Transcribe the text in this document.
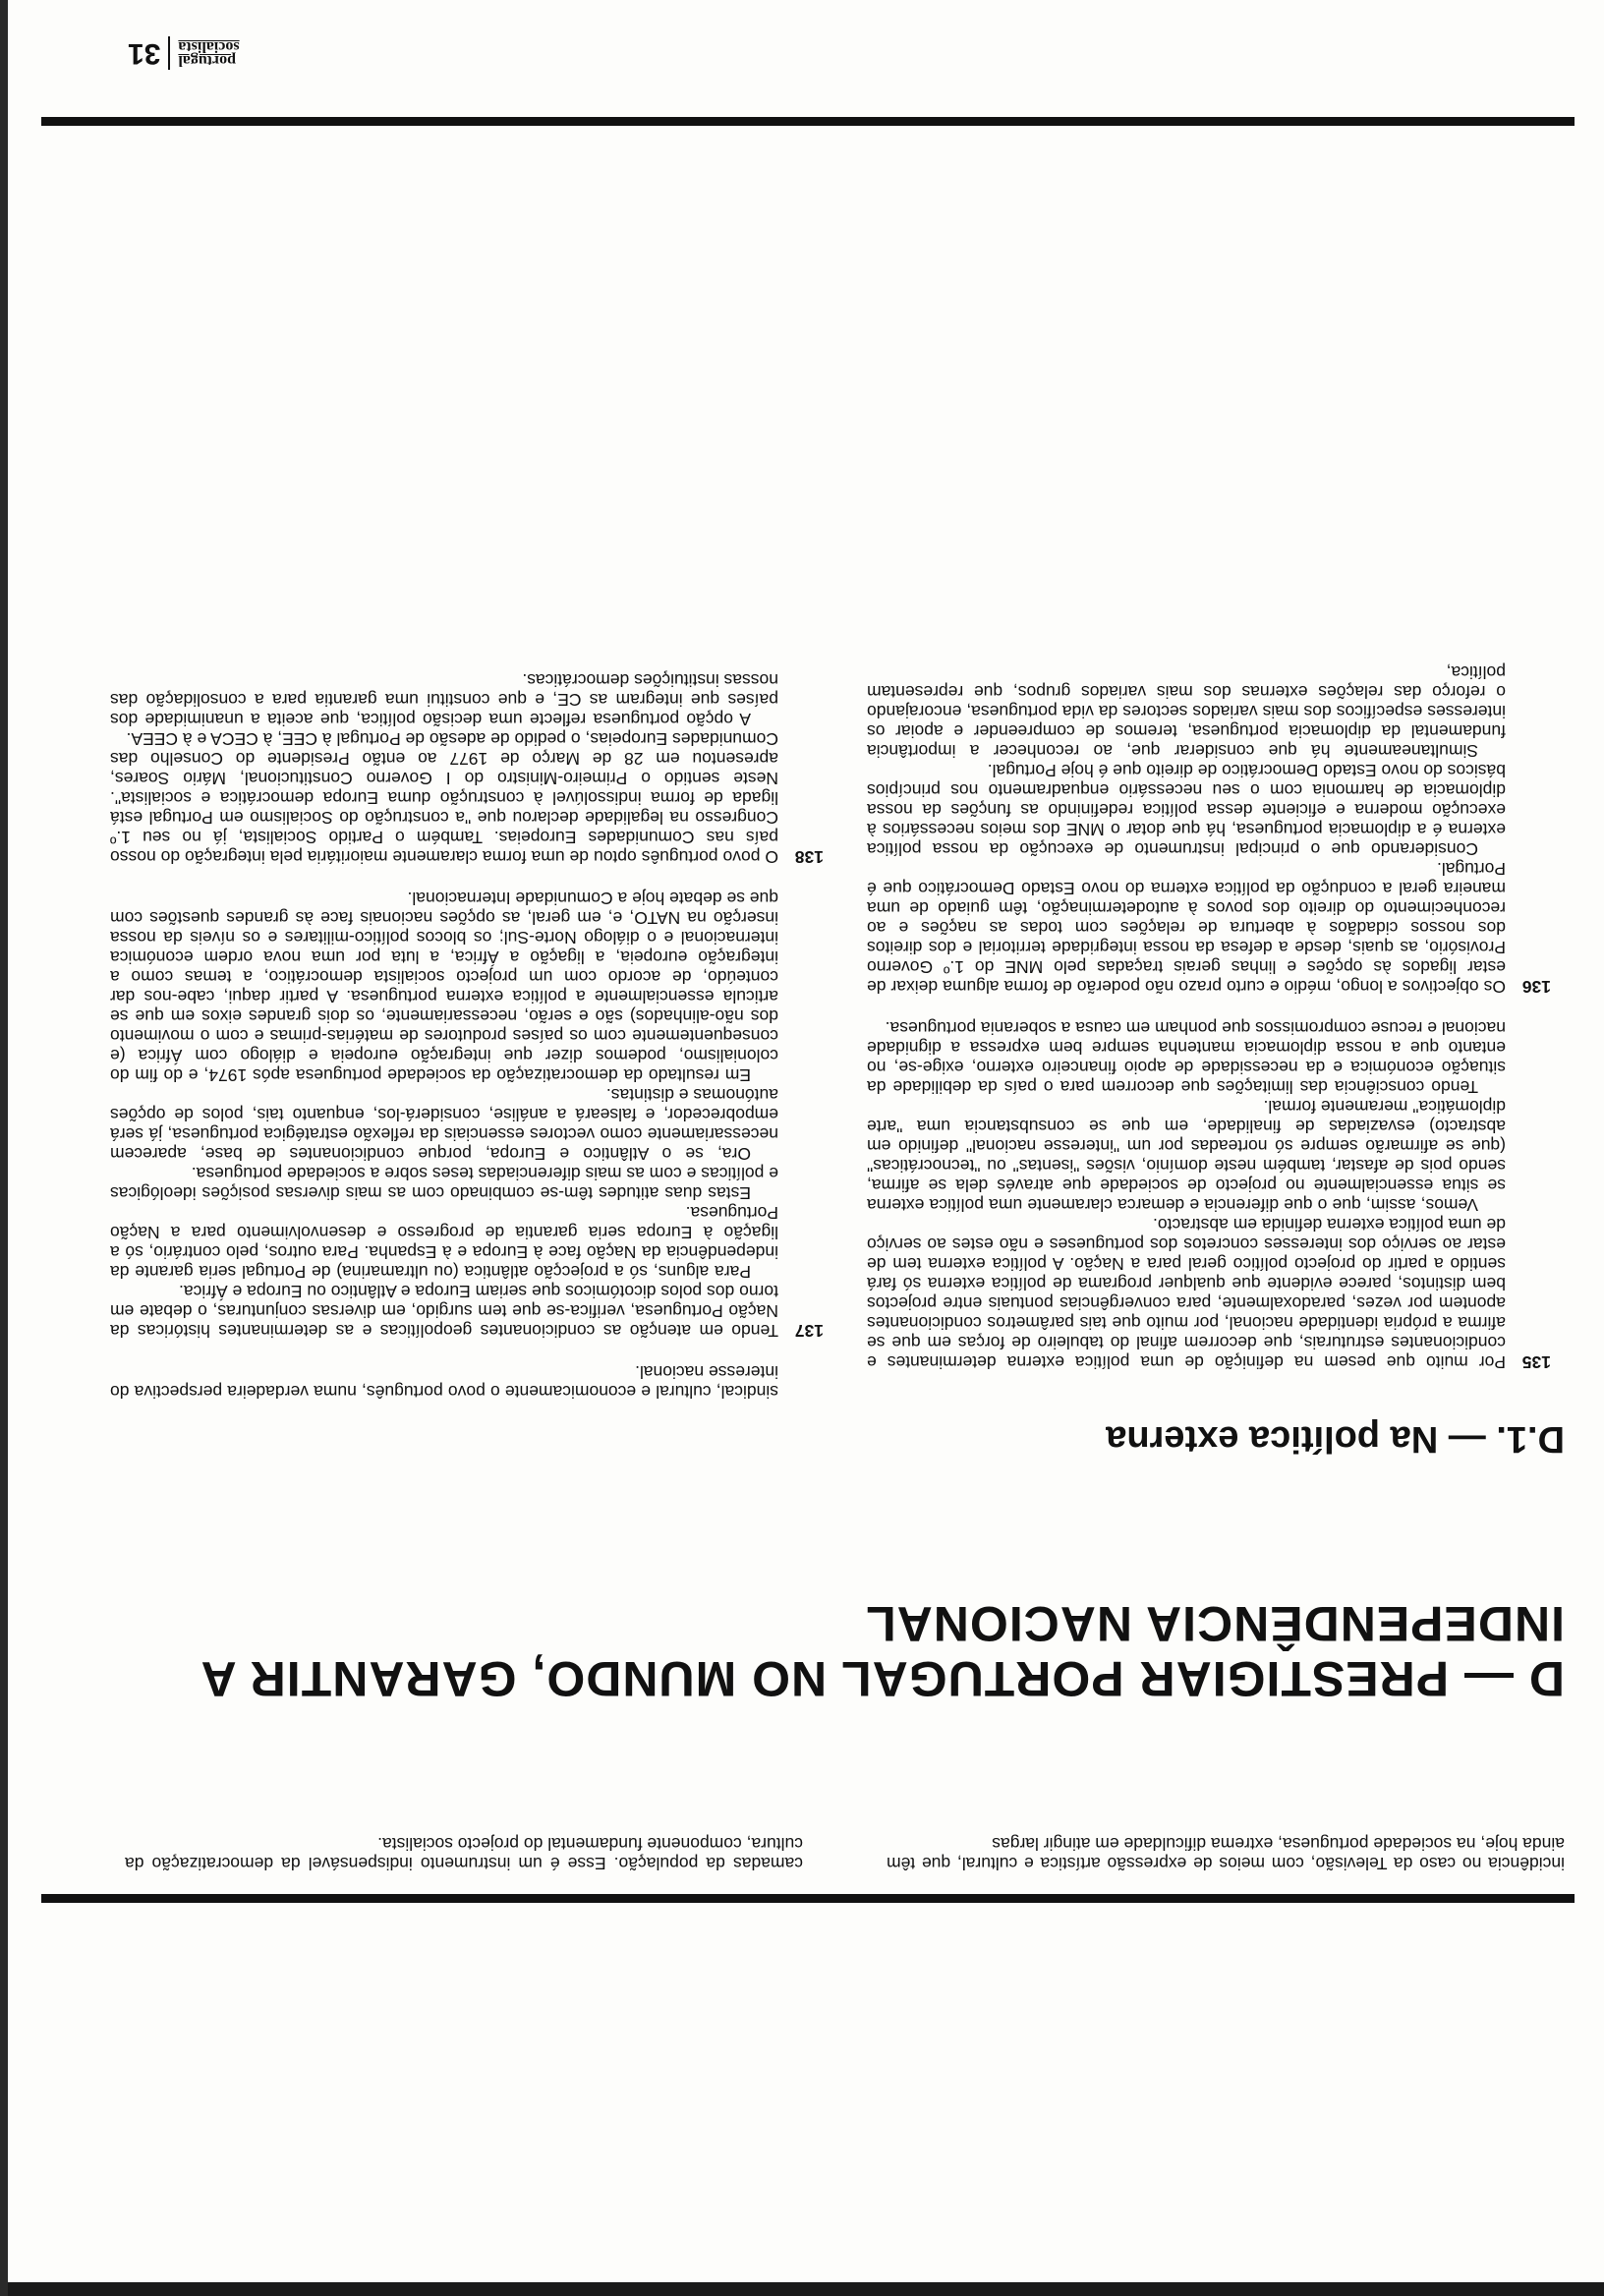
incidência no caso da Televisão, com meios de expressão artística e cultural, que têm ainda hoje, na sociedade portuguesa, extrema dificuldade em atingir largas

camadas da população. Esse é um instrumento indispensável da democratização da cultura, componente fundamental do projecto socialista.

D — PRESTIGIAR PORTUGAL NO MUNDO, GARANTIR A INDEPENDÊNCIA NACIONAL
D.1. — Na política externa
135

Por muito que pesem na definição de uma política externa determinantes e condicionantes estruturais, que decorrem afinal do tabuleiro de forças em que se afirma a própria identidade nacional, por muito que tais parâmetros condicionantes apontem por vezes, paradoxalmente, para convergências pontuais entre projectos bem distintos, parece evidente que qualquer programa de política externa só fará sentido a partir do projecto político geral para a Nação. A política externa tem de estar ao serviço dos interesses concretos dos portugueses e não estes ao serviço de uma política externa definida em abstracto.

Vemos, assim, que o que diferencia e demarca claramente uma política externa se situa essencialmente no projecto de sociedade que através dela se afirma, sendo pois de afastar, também neste domínio, visões "isentas" ou "tecnocráticas" (que se afirmarão sempre só norteadas por um "interesse nacional" definido em abstracto) esvaziadas de finalidade, em que se consubstancia uma "arte diplomática" meramente formal.

Tendo consciência das limitações que decorrem para o país da debilidade da situação económica e da necessidade de apoio financeiro externo, exige-se, no entanto que a nossa diplomacia mantenha sempre bem expressa a dignidade nacional e recuse compromissos que ponham em causa a soberania portuguesa.

136

Os objectivos a longo, médio e curto prazo não poderão de forma alguma deixar de estar ligados às opções e linhas gerais traçadas pelo MNE do 1.º Governo Provisório, as quais, desde a defesa da nossa integridade territorial e dos direitos dos nossos cidadãos à abertura de relações com todas as nações e ao reconhecimento do direito dos povos à autodeterminação, têm guiado de uma maneira geral a condução da política externa do novo Estado Democrático que é Portugal.

Considerando que o principal instrumento de execução da nossa política externa é a diplomacia portuguesa, há que dotar o MNE dos meios necessários à execução moderna e eficiente dessa política redefinindo as funções da nossa diplomacia de harmonia com o seu necessário enquadramento nos princípios básicos do novo Estado Democrático de direito que é hoje Portugal.

Simultaneamente há que considerar que, ao reconhecer a importância fundamental da diplomacia portuguesa, teremos de compreender e apoiar os interesses específicos dos mais variados sectores da vida portuguesa, encorajando o reforço das relações externas dos mais variados grupos, que representam política,

sindical, cultural e economicamente o povo português, numa verdadeira perspectiva do interesse nacional.

137

Tendo em atenção as condicionantes geopolíticas e as determinantes históricas da Nação Portuguesa, verifica-se que tem surgido, em diversas conjunturas, o debate em torno dos polos dicotómicos que seriam Europa e Atlântico ou Europa e África.

Para alguns, só a projecção atlântica (ou ultramarina) de Portugal seria garante da independência da Nação face à Europa e à Espanha. Para outros, pelo contrário, só a ligação à Europa seria garantia de progresso e desenvolvimento para a Nação Portuguesa.

Estas duas atitudes têm-se combinado com as mais diversas posições ideológicas e políticas e com as mais diferenciadas teses sobre a sociedade portuguesa.

Ora, se o Atlântico e Europa, porque condicionantes de base, aparecem necessariamente como vectores essenciais da reflexão estratégica portuguesa, já será empobrecedor, e falseará a análise, considerá-los, enquanto tais, polos de opções autónomas e distintas.

Em resultado da democratização da sociedade portuguesa após 1974, e do fim do colonialismo, podemos dizer que integração europeia e diálogo com África (e consequentemente com os países produtores de matérias-primas e com o movimento dos não-alinhados) são e serão, necessariamente, os dois grandes eixos em que se articula essencialmente a política externa portuguesa. A partir daqui, cabe-nos dar conteúdo, de acordo com um projecto socialista democrático, a temas como a integração europeia, a ligação a África, a luta por uma nova ordem económica internacional e o diálogo Norte-Sul; os blocos político-militares e os níveis da nossa inserção na NATO, e, em geral, as opções nacionais face às grandes questões com que se debate hoje a Comunidade Internacional.

138

O povo português optou de uma forma claramente maioritária pela integração do nosso país nas Comunidades Europeias. Também o Partido Socialista, já no seu 1.º Congresso na legalidade declarou que "a construção do Socialismo em Portugal está ligada de forma indissolúvel à construção duma Europa democrática e socialista". Neste sentido o Primeiro-Ministro do I Governo Constitucional, Mário Soares, apresentou em 28 de Março de 1977 ao então Presidente do Conselho das Comunidades Europeias, o pedido de adesão de Portugal à CEE, à CECA e à CEEA.

A opção portuguesa reflecte uma decisão política, que aceita a unanimidade dos países que integram as CE, e que constitui uma garantia para a consolidação das nossas instituições democráticas.

portugal
socialista
31
